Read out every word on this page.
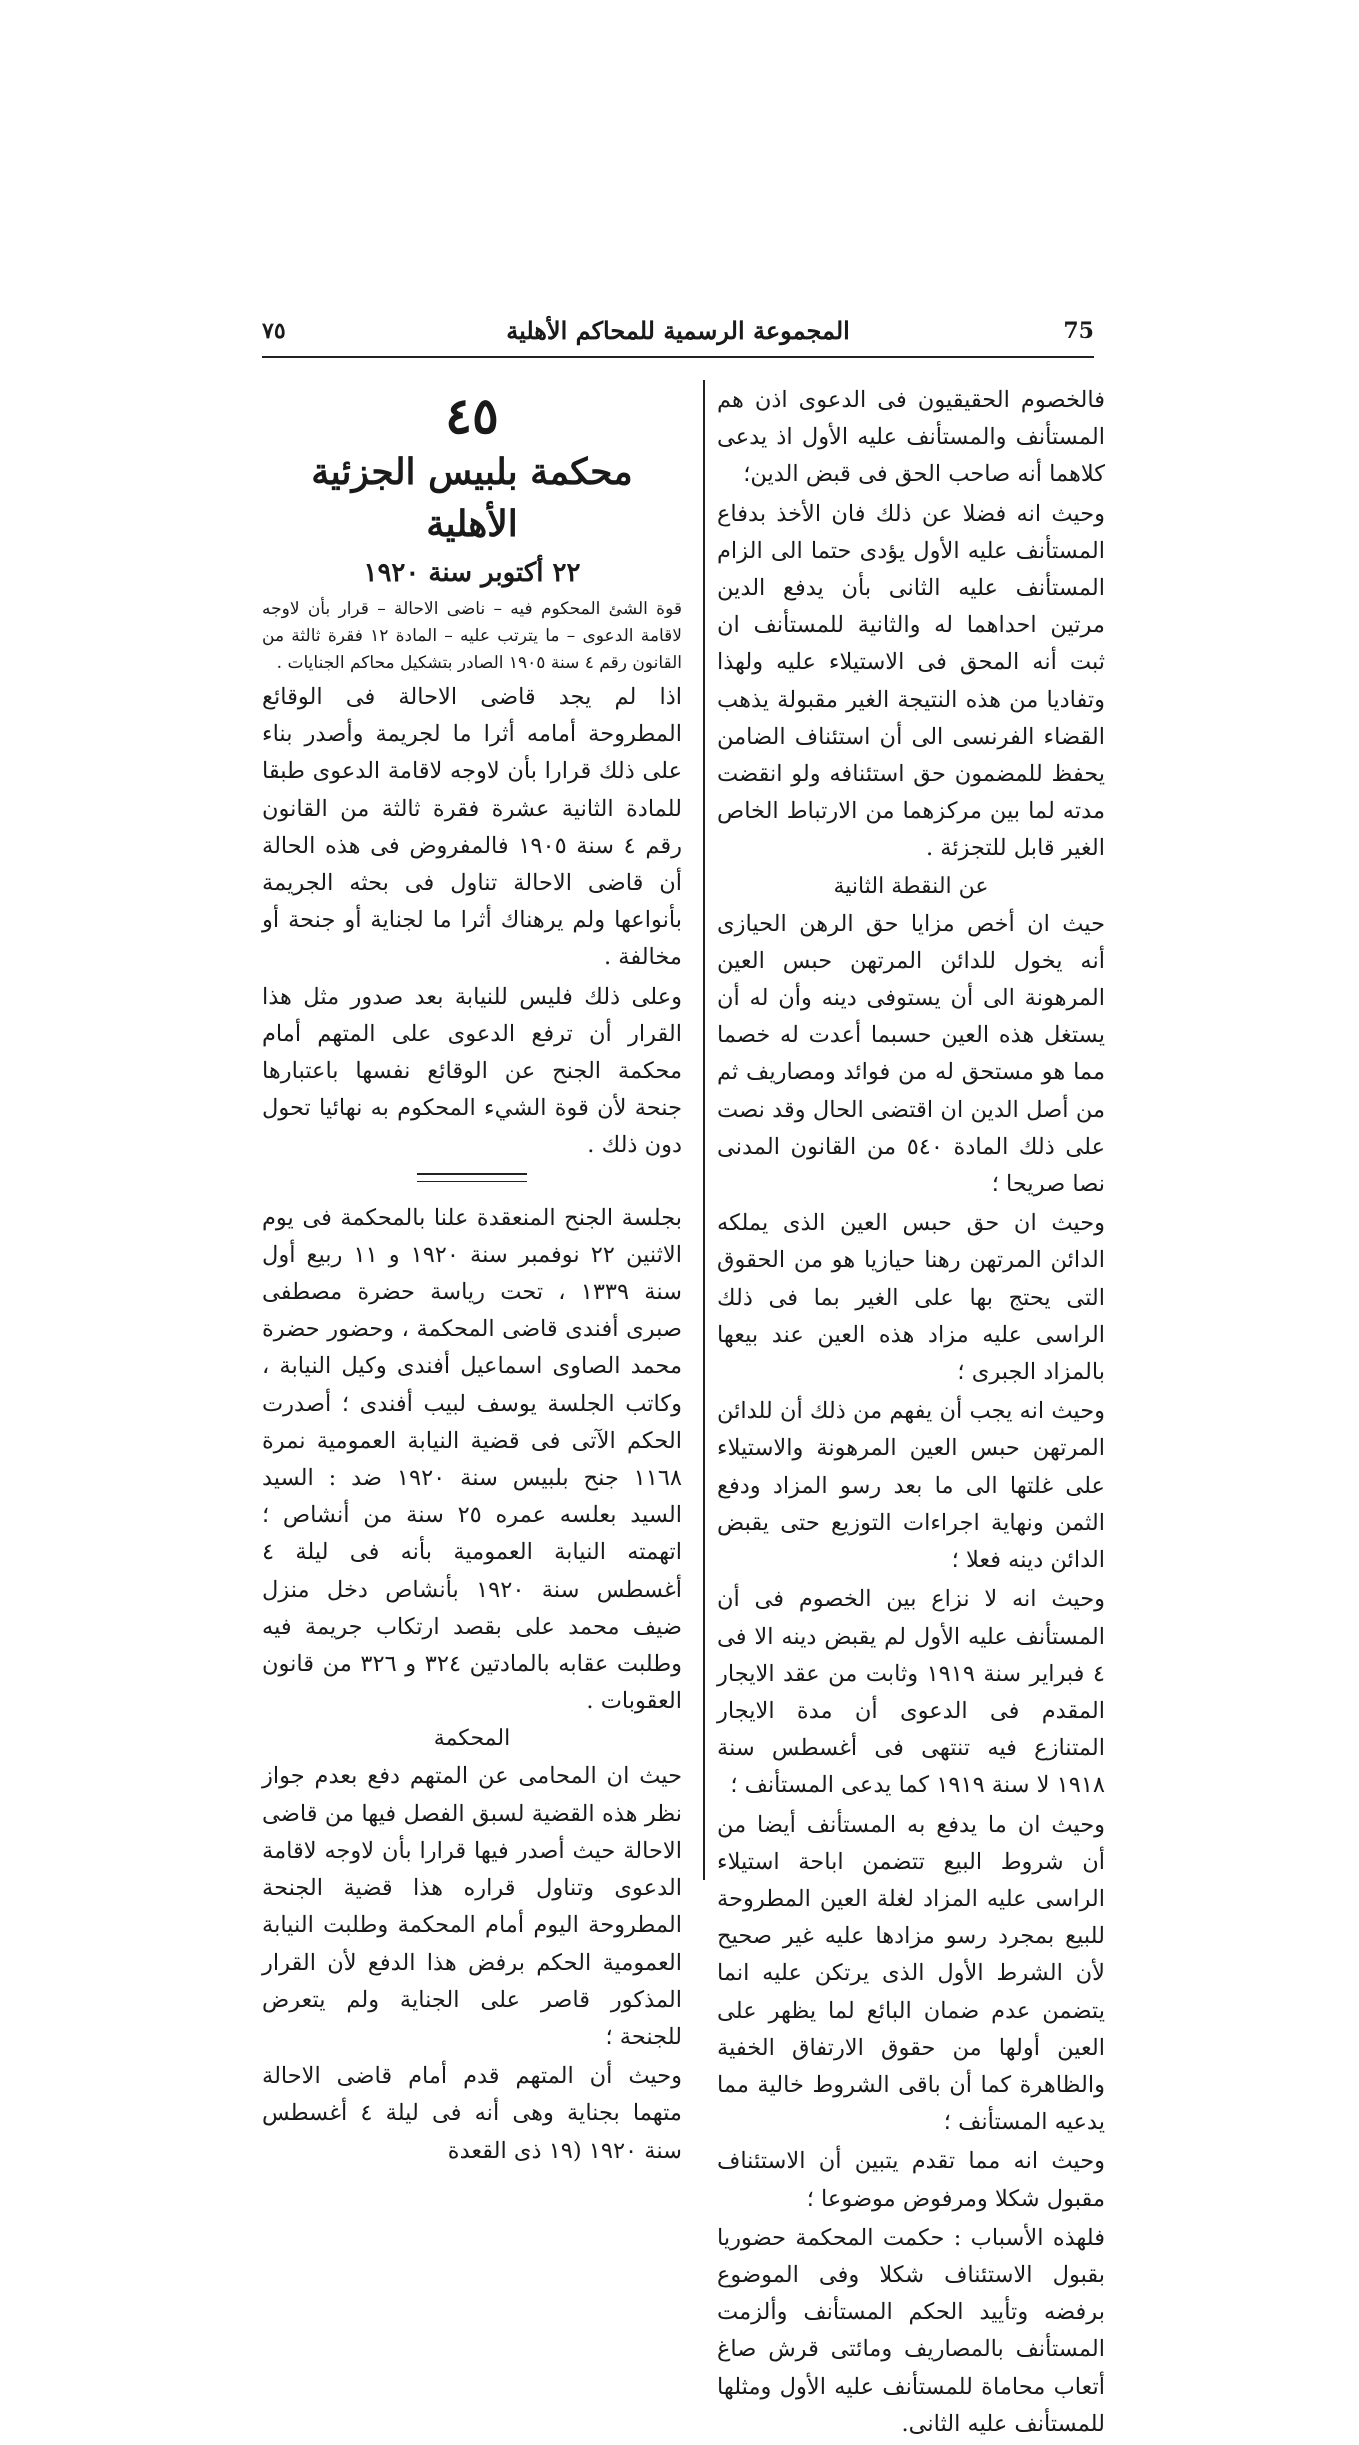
75
المجموعة الرسمية للمحاكم الأهلية
٧٥

فالخصوم الحقيقيون فى الدعوى اذن هم المستأنف والمستأنف عليه الأول اذ يدعى كلاهما أنه صاحب الحق فى قبض الدين؛

وحيث انه فضلا عن ذلك فان الأخذ بدفاع المستأنف عليه الأول يؤدى حتما الى الزام المستأنف عليه الثانى بأن يدفع الدين مرتين احداهما له والثانية للمستأنف ان ثبت أنه المحق فى الاستيلاء عليه ولهذا وتفاديا من هذه النتيجة الغير مقبولة يذهب القضاء الفرنسى الى أن استئناف الضامن يحفظ للمضمون حق استئنافه ولو انقضت مدته لما بين مركزهما من الارتباط الخاص الغير قابل للتجزئة .

عن النقطة الثانية

حيث ان أخص مزايا حق الرهن الحيازى أنه يخول للدائن المرتهن حبس العين المرهونة الى أن يستوفى دينه وأن له أن يستغل هذه العين حسبما أعدت له خصما مما هو مستحق له من فوائد ومصاريف ثم من أصل الدين ان اقتضى الحال وقد نصت على ذلك المادة ٥٤٠ من القانون المدنى نصا صريحا ؛

وحيث ان حق حبس العين الذى يملكه الدائن المرتهن رهنا حيازيا هو من الحقوق التى يحتج بها على الغير بما فى ذلك الراسى عليه مزاد هذه العين عند بيعها بالمزاد الجبرى ؛

وحيث انه يجب أن يفهم من ذلك أن للدائن المرتهن حبس العين المرهونة والاستيلاء على غلتها الى ما بعد رسو المزاد ودفع الثمن ونهاية اجراءات التوزيع حتى يقبض الدائن دينه فعلا ؛

وحيث انه لا نزاع بين الخصوم فى أن المستأنف عليه الأول لم يقبض دينه الا فى ٤ فبراير سنة ١٩١٩ وثابت من عقد الايجار المقدم فى الدعوى أن مدة الايجار المتنازع فيه تنتهى فى أغسطس سنة ١٩١٨ لا سنة ١٩١٩ كما يدعى المستأنف ؛

وحيث ان ما يدفع به المستأنف أيضا من أن شروط البيع تتضمن اباحة استيلاء الراسى عليه المزاد لغلة العين المطروحة للبيع بمجرد رسو مزادها عليه غير صحيح لأن الشرط الأول الذى يرتكن عليه انما يتضمن عدم ضمان البائع لما يظهر على العين أولها من حقوق الارتفاق الخفية والظاهرة كما أن باقى الشروط خالية مما يدعيه المستأنف ؛

وحيث انه مما تقدم يتبين أن الاستئناف مقبول شكلا ومرفوض موضوعا ؛

فلهذه الأسباب : حكمت المحكمة حضوريا بقبول الاستئناف شكلا وفى الموضوع برفضه وتأييد الحكم المستأنف وألزمت المستأنف بالمصاريف ومائتى قرش صاغ أتعاب محاماة للمستأنف عليه الأول ومثلها للمستأنف عليه الثانى.

٤٥

محكمة بلبيس الجزئية الأهلية

٢٢ أكتوبر سنة ١٩٢٠

قوة الشئ المحكوم فيه – ناضى الاحالة – قرار بأن لاوجه لاقامة الدعوى – ما يترتب عليه – المادة ١٢ فقرة ثالثة من القانون رقم ٤ سنة ١٩٠٥ الصادر بتشكيل محاكم الجنايات .

اذا لم يجد قاضى الاحالة فى الوقائع المطروحة أمامه أثرا ما لجريمة وأصدر بناء على ذلك قرارا بأن لاوجه لاقامة الدعوى طبقا للمادة الثانية عشرة فقرة ثالثة من القانون رقم ٤ سنة ١٩٠٥ فالمفروض فى هذه الحالة أن قاضى الاحالة تناول فى بحثه الجريمة بأنواعها ولم يرهناك أثرا ما لجناية أو جنحة أو مخالفة .

وعلى ذلك فليس للنيابة بعد صدور مثل هذا القرار أن ترفع الدعوى على المتهم أمام محكمة الجنح عن الوقائع نفسها باعتبارها جنحة لأن قوة الشيء المحكوم به نهائيا تحول دون ذلك .

بجلسة الجنح المنعقدة علنا بالمحكمة فى يوم الاثنين ٢٢ نوفمبر سنة ١٩٢٠ و ١١ ربيع أول سنة ١٣٣٩ ، تحت رياسة حضرة مصطفى صبرى أفندى قاضى المحكمة ، وحضور حضرة محمد الصاوى اسماعيل أفندى وكيل النيابة ، وكاتب الجلسة يوسف لبيب أفندى ؛ أصدرت الحكم الآتى فى قضية النيابة العمومية نمرة ١١٦٨ جنح بلبيس سنة ١٩٢٠ ضد : السيد السيد بعلسه عمره ٢٥ سنة من أنشاص ؛ اتهمته النيابة العمومية بأنه فى ليلة ٤ أغسطس سنة ١٩٢٠ بأنشاص دخل منزل ضيف محمد على بقصد ارتكاب جريمة فيه وطلبت عقابه بالمادتين ٣٢٤ و ٣٢٦ من قانون العقوبات .

المحكمة

حيث ان المحامى عن المتهم دفع بعدم جواز نظر هذه القضية لسبق الفصل فيها من قاضى الاحالة حيث أصدر فيها قرارا بأن لاوجه لاقامة الدعوى وتناول قراره هذا قضية الجنحة المطروحة اليوم أمام المحكمة وطلبت النيابة العمومية الحكم برفض هذا الدفع لأن القرار المذكور قاصر على الجناية ولم يتعرض للجنحة ؛

وحيث أن المتهم قدم أمام قاضى الاحالة متهما بجناية وهى أنه فى ليلة ٤ أغسطس سنة ١٩٢٠ (١٩ ذى القعدة
